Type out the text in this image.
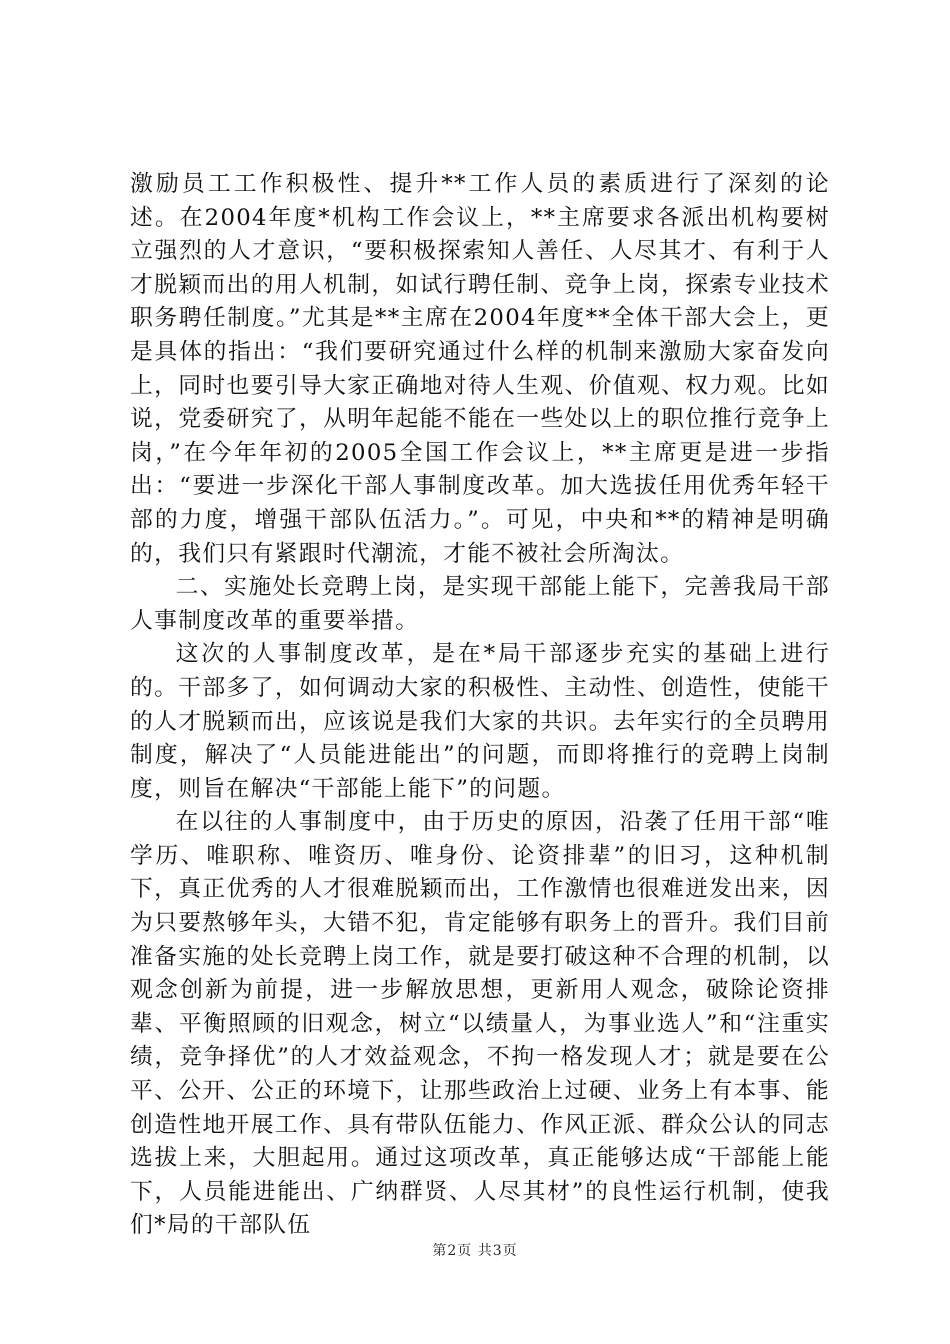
激励员工工作积极性、提升**工作人员的素质进行了深刻的论述。在2004年度*机构工作会议上，**主席要求各派出机构要树立强烈的人才意识，“要积极探索知人善任、人尽其才、有利于人才脱颖而出的用人机制，如试行聘任制、竞争上岗，探索专业技术职务聘任制度。”尤其是**主席在2004年度**全体干部大会上，更是具体的指出：“我们要研究通过什么样的机制来激励大家奋发向上，同时也要引导大家正确地对待人生观、价值观、权力观。比如说，党委研究了，从明年起能不能在一些处以上的职位推行竞争上岗，”在今年年初的2005全国工作会议上，**主席更是进一步指出：“要进一步深化干部人事制度改革。加大选拔任用优秀年轻干部的力度，增强干部队伍活力。”。可见，中央和**的精神是明确的，我们只有紧跟时代潮流，才能不被社会所淘汰。

二、实施处长竞聘上岗，是实现干部能上能下，完善我局干部人事制度改革的重要举措。

这次的人事制度改革，是在*局干部逐步充实的基础上进行的。干部多了，如何调动大家的积极性、主动性、创造性，使能干的人才脱颖而出，应该说是我们大家的共识。去年实行的全员聘用制度，解决了“人员能进能出”的问题，而即将推行的竞聘上岗制度，则旨在解决“干部能上能下”的问题。

在以往的人事制度中，由于历史的原因，沿袭了任用干部“唯学历、唯职称、唯资历、唯身份、论资排辈”的旧习，这种机制下，真正优秀的人才很难脱颖而出，工作激情也很难迸发出来，因为只要熬够年头，大错不犯，肯定能够有职务上的晋升。我们目前准备实施的处长竞聘上岗工作，就是要打破这种不合理的机制，以观念创新为前提，进一步解放思想，更新用人观念，破除论资排辈、平衡照顾的旧观念，树立“以绩量人，为事业选人”和“注重实绩，竞争择优”的人才效益观念，不拘一格发现人才；就是要在公平、公开、公正的环境下，让那些政治上过硬、业务上有本事、能创造性地开展工作、具有带队伍能力、作风正派、群众公认的同志选拔上来，大胆起用。通过这项改革，真正能够达成“干部能上能下，人员能进能出、广纳群贤、人尽其材”的良性运行机制，使我们*局的干部队伍

第2页 共3页
